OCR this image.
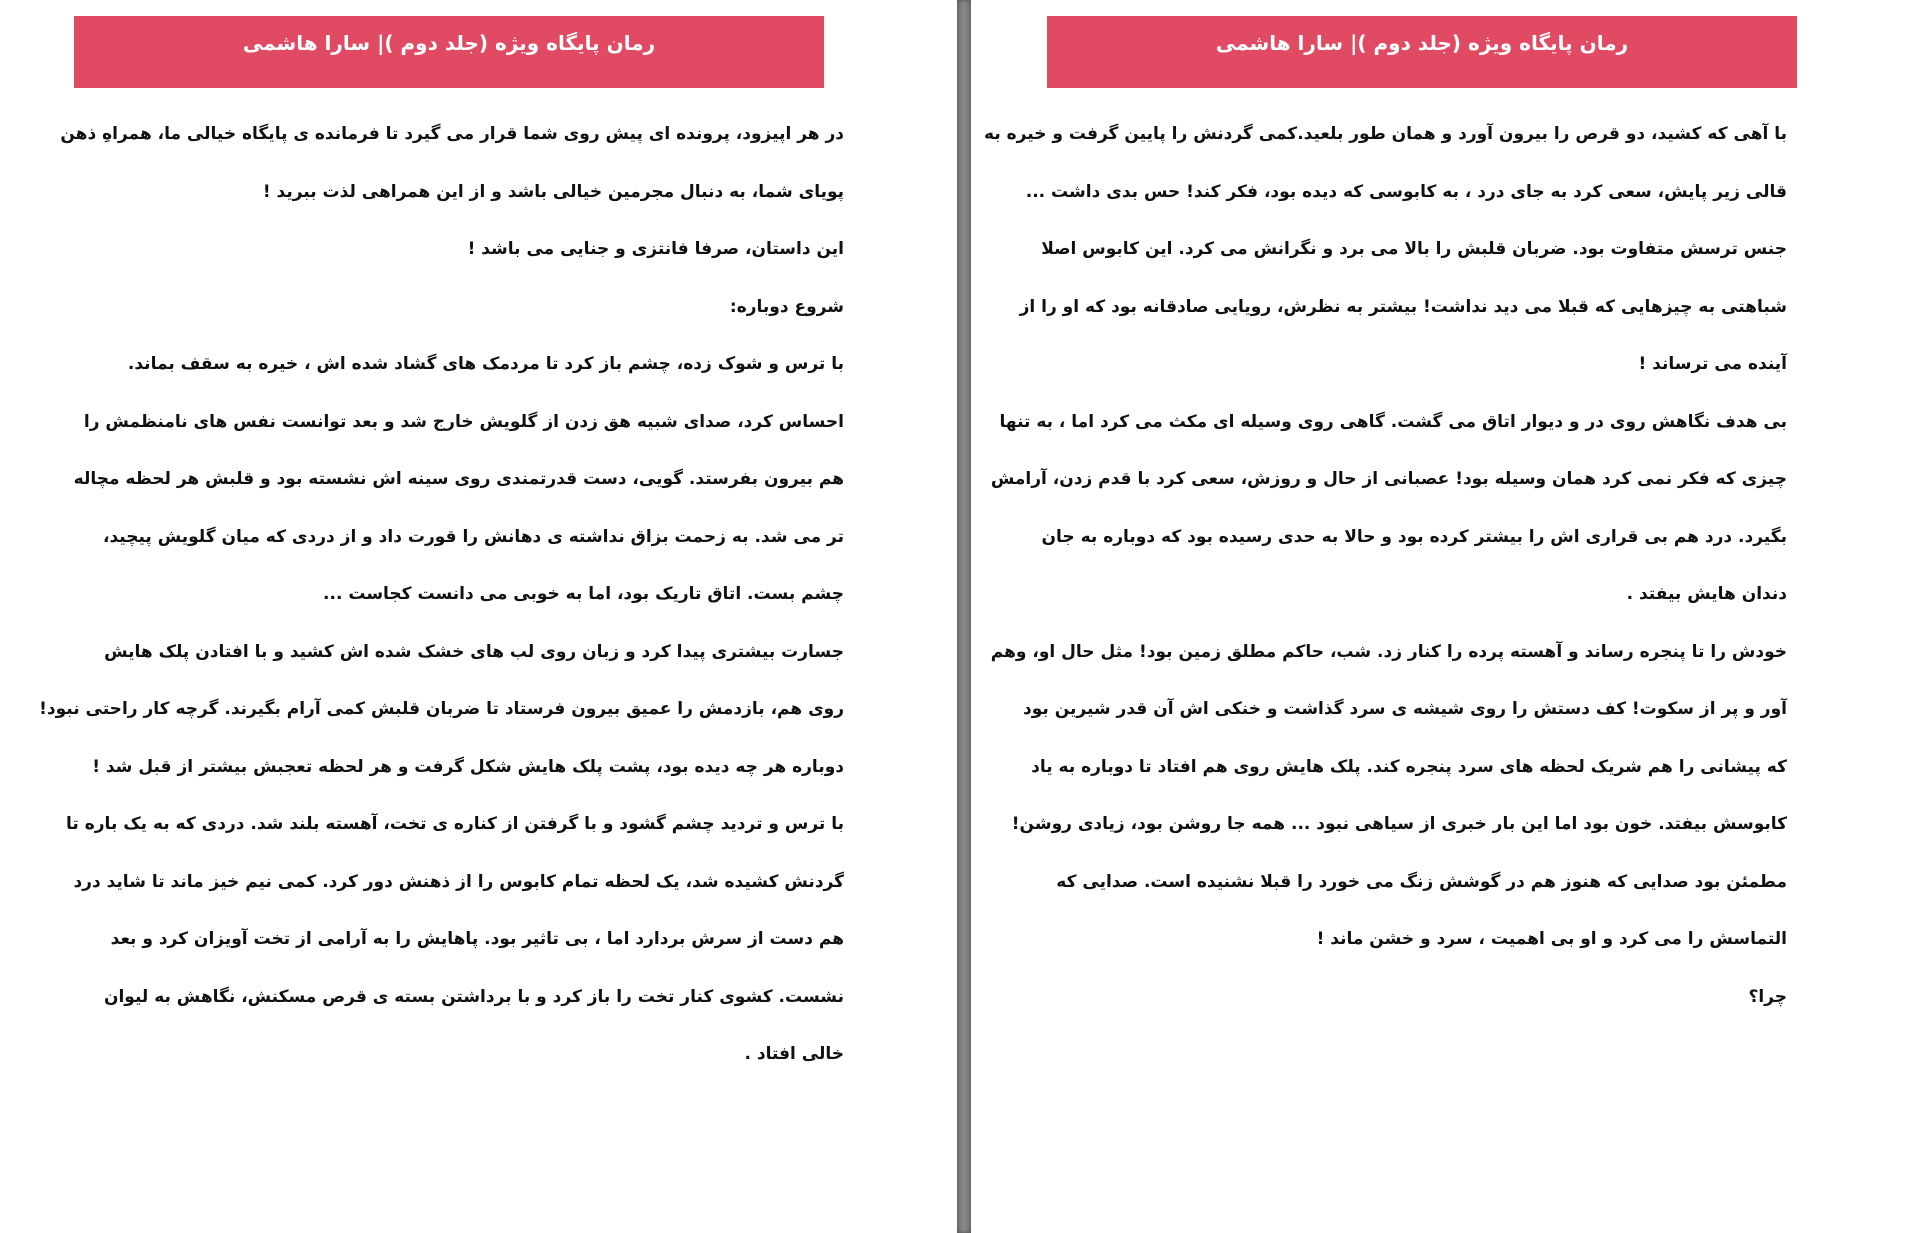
رمان پایگاه ویژه (جلد دوم )| سارا هاشمی
در هر اپیزود، پرونده ای پیش روی شما قرار می گیرد تا فرمانده ی پایگاه خیالی ما، همراهِ ذهن
پویای شما، به دنبال مجرمین خیالی باشد و از این همراهی لذت ببرید !
این داستان، صرفا فانتزی و جنایی می باشد !
شروع دوباره:
با ترس و شوک زده، چشم باز کرد تا مردمک های گشاد شده اش ، خیره به سقف بماند.
احساس کرد، صدای شبیه هق زدن از گلویش خارج شد و بعد توانست نفس های نامنظمش را
هم بیرون بفرستد. گویی، دست قدرتمندی روی سینه اش نشسته بود و قلبش هر لحظه مچاله
تر می شد. به زحمت بزاق نداشته ی دهانش را قورت داد و از دردی که میان گلویش پیچید،
چشم بست. اتاق تاریک بود، اما به خوبی می دانست کجاست ...
جسارت بیشتری پیدا کرد و زبان روی لب های خشک شده اش کشید و با افتادن پلک هایش
روی هم، بازدمش را عمیق بیرون فرستاد تا ضربان قلبش کمی آرام بگیرند. گرچه کار راحتی نبود!
دوباره هر چه دیده بود، پشت پلک هایش شکل گرفت و هر لحظه تعجبش بیشتر از قبل شد !
با ترس و تردید چشم گشود و با گرفتن از کناره ی تخت، آهسته بلند شد. دردی که به یک باره تا
گردنش کشیده شد، یک لحظه تمام کابوس را از ذهنش دور کرد. کمی نیم خیز ماند تا شاید درد
هم دست از سرش بردارد اما ، بی تاثیر بود. پاهایش را به آرامی از تخت آویزان کرد و بعد
نشست. کشوی کنار تخت را باز کرد و با برداشتن بسته ی قرص مسکنش، نگاهش به لیوان
خالی افتاد .
رمان پایگاه ویژه (جلد دوم )| سارا هاشمی
با آهی که کشید، دو قرص را بیرون آورد و همان طور بلعید.کمی گردنش را پایین گرفت و خیره به
قالی زیر پایش، سعی کرد به جای درد ، به کابوسی که دیده بود، فکر کند! حس بدی داشت ...
جنس ترسش متفاوت بود. ضربان قلبش را بالا می برد و نگرانش می کرد. این کابوس اصلا
شباهتی به چیزهایی که قبلا می دید نداشت! بیشتر به نظرش، رویایی صادقانه بود که او را از
آینده می ترساند !
بی هدف نگاهش روی در و دیوار اتاق می گشت. گاهی روی وسیله ای مکث می کرد اما ، به تنها
چیزی که فکر نمی کرد همان وسیله بود! عصبانی از حال و روزش، سعی کرد با قدم زدن، آرامش
بگیرد. درد هم بی قراری اش را بیشتر کرده بود و حالا به حدی رسیده بود که دوباره به جان
دندان هایش بیفتد .
خودش را تا پنجره رساند و آهسته پرده را کنار زد. شب، حاکم مطلق زمین بود! مثل حال او، وهم
آور و پر از سکوت! کف دستش را روی شیشه ی سرد گذاشت و خنکی اش آن قدر شیرین بود
که پیشانی را هم شریک لحظه های سرد پنجره کند. پلک هایش روی هم افتاد تا دوباره به یاد
کابوسش بیفتد. خون بود اما این بار خبری از سیاهی نبود ... همه جا روشن بود، زیادی روشن!
مطمئن بود صدایی که هنوز هم در گوشش زنگ می خورد را قبلا نشنیده است. صدایی که
التماسش را می کرد و او بی اهمیت ، سرد و خشن ماند !
چرا؟
